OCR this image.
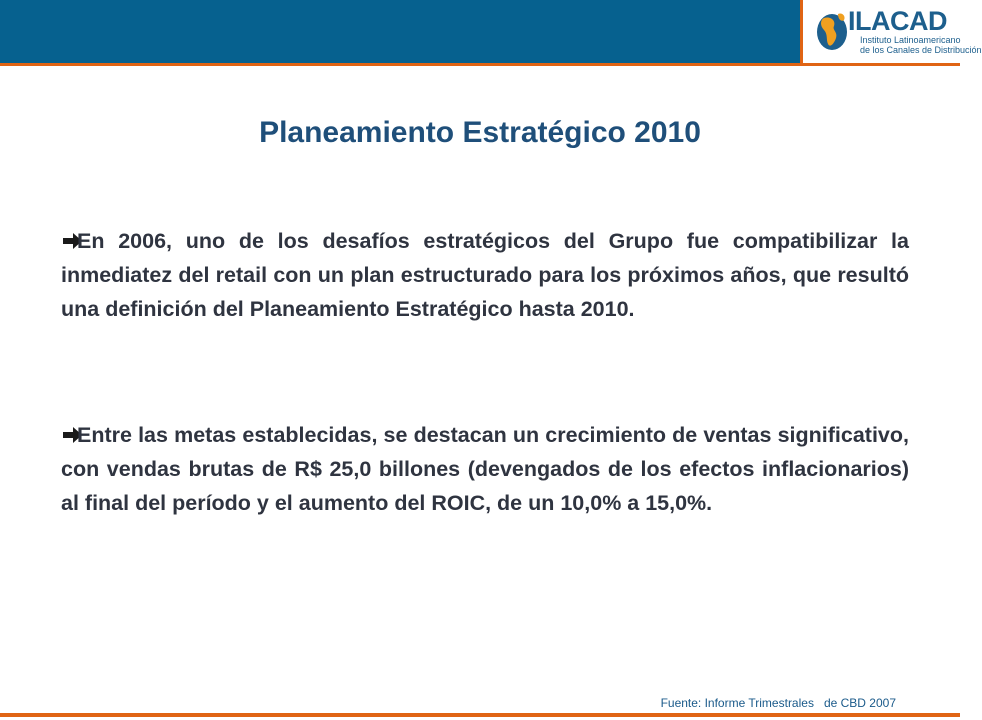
ILACAD
Instituto Latinoamericano
de los Canales de Distribución
Planeamiento Estratégico 2010

En 2006, uno de los desafíos estratégicos del Grupo fue compatibilizar la inmediatez del retail con un plan estructurado para los próximos años, que resultó una definición del Planeamiento Estratégico hasta 2010.

Entre las metas establecidas, se destacan un crecimiento de ventas significativo, con vendas brutas de R$ 25,0 billones (devengados de los efectos inflacionarios) al final del período y el aumento del ROIC, de un 10,0% a 15,0%.

Fuente: Informe Trimestrales   de CBD 2007
